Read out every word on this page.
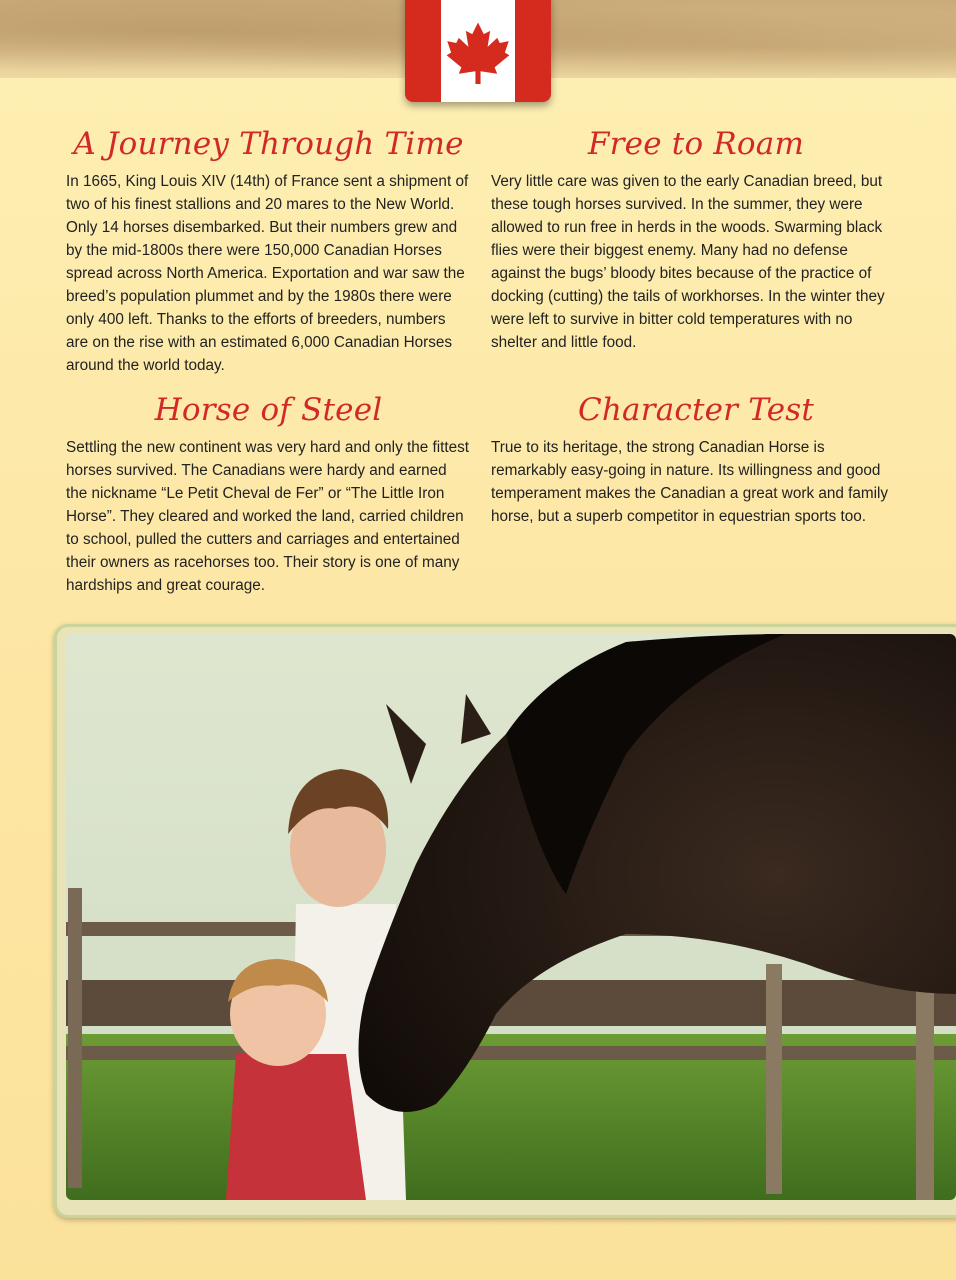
A Journey Through Time

In 1665, King Louis XIV (14th) of France sent a shipment of two of his finest stallions and 20 mares to the New World. Only 14 horses disembarked. But their numbers grew and by the mid-1800s there were 150,000 Canadian Horses spread across North America. Exportation and war saw the breed’s population plummet and by the 1980s there were only 400 left. Thanks to the efforts of breeders, numbers are on the rise with an estimated 6,000 Canadian Horses around the world today.

Free to Roam

Very little care was given to the early Canadian breed, but these tough horses survived. In the summer, they were allowed to run free in herds in the woods. Swarming black flies were their biggest enemy. Many had no defense against the bugs’ bloody bites because of the practice of docking (cutting) the tails of workhorses. In the winter they were left to survive in bitter cold temperatures with no shelter and little food.

Horse of Steel

Settling the new continent was very hard and only the fittest horses survived. The Canadians were hardy and earned the nickname “Le Petit Cheval de Fer” or “The Little Iron Horse”. They cleared and worked the land, carried children to school, pulled the cutters and carriages and entertained their owners as racehorses too. Their story is one of many hardships and great courage.

Character Test

True to its heritage, the strong Canadian Horse is remarkably easy-going in nature. Its willingness and good temperament makes the Canadian a great work and family horse, but a superb competitor in equestrian sports too.
